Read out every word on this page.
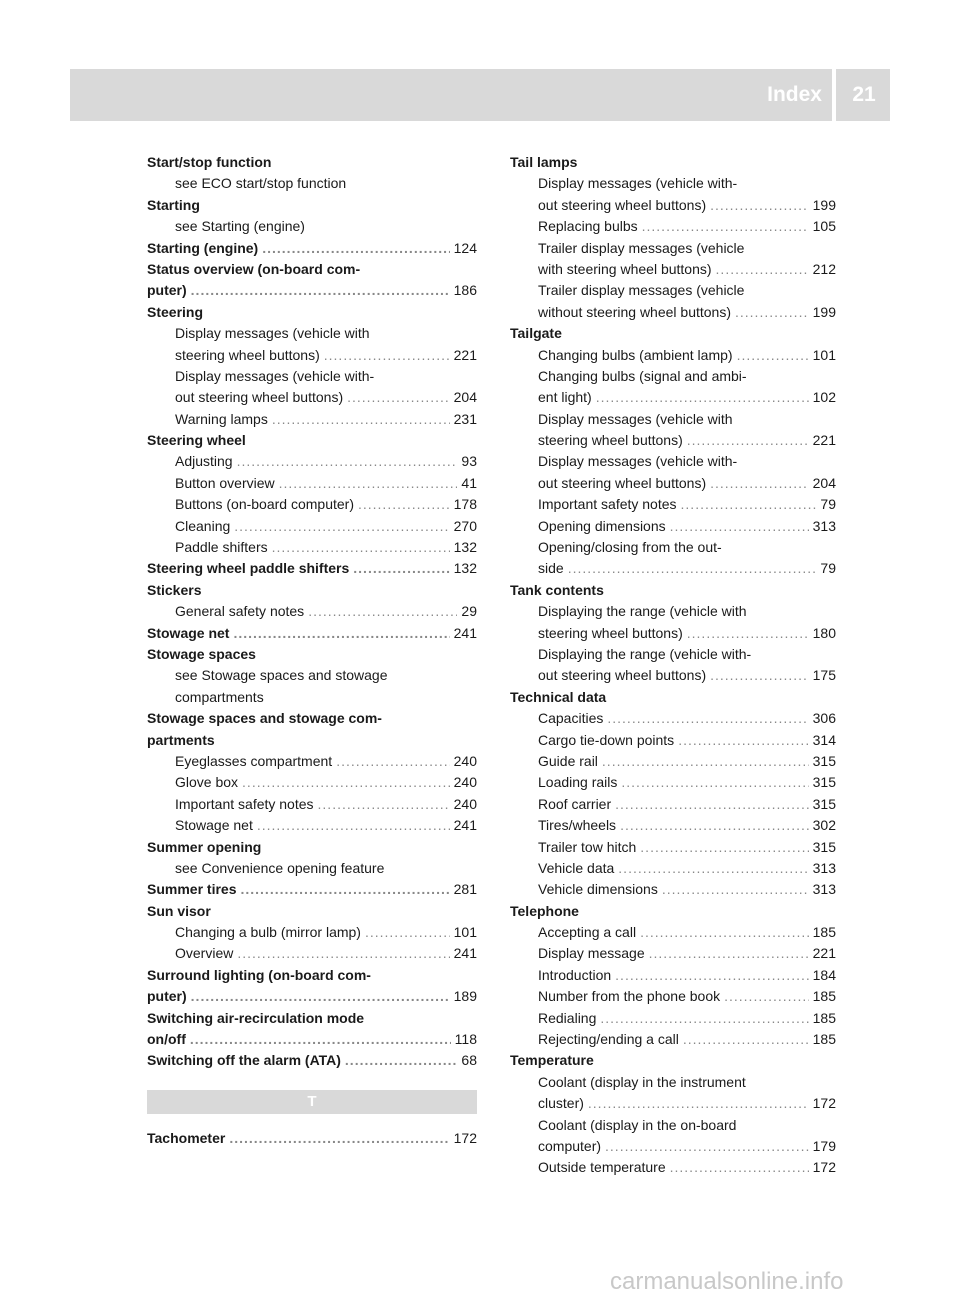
Index	21
Start/stop function
see ECO start/stop function
Starting
see Starting (engine)
Starting (engine) .....	124
Status overview (on-board com-
puter) .....	186
Steering
Display messages (vehicle with
steering wheel buttons) .....	221
Display messages (vehicle with-
out steering wheel buttons) .....	204
Warning lamps .....	231
Steering wheel
Adjusting .....	93
Button overview .....	41
Buttons (on-board computer) .....	178
Cleaning .....	270
Paddle shifters .....	132
Steering wheel paddle shifters .....	132
Stickers
General safety notes .....	29
Stowage net .....	241
Stowage spaces
see Stowage spaces and stowage
compartments
Stowage spaces and stowage com-
partments
Eyeglasses compartment .....	240
Glove box .....	240
Important safety notes .....	240
Stowage net .....	241
Summer opening
see Convenience opening feature
Summer tires .....	281
Sun visor
Changing a bulb (mirror lamp) .....	101
Overview .....	241
Surround lighting (on-board com-
puter) .....	189
Switching air-recirculation mode
on/off .....	118
Switching off the alarm (ATA) .....	68
T
Tachometer .....	172
Tail lamps
Display messages (vehicle with-
out steering wheel buttons) .....	199
Replacing bulbs .....	105
Trailer display messages (vehicle
with steering wheel buttons) .....	212
Trailer display messages (vehicle
without steering wheel buttons) .....	199
Tailgate
Changing bulbs (ambient lamp) .....	101
Changing bulbs (signal and ambi-
ent light) .....	102
Display messages (vehicle with
steering wheel buttons) .....	221
Display messages (vehicle with-
out steering wheel buttons) .....	204
Important safety notes .....	79
Opening dimensions .....	313
Opening/closing from the out-
side .....	79
Tank contents
Displaying the range (vehicle with
steering wheel buttons) .....	180
Displaying the range (vehicle with-
out steering wheel buttons) .....	175
Technical data
Capacities .....	306
Cargo tie-down points .....	314
Guide rail .....	315
Loading rails .....	315
Roof carrier .....	315
Tires/wheels .....	302
Trailer tow hitch .....	315
Vehicle data .....	313
Vehicle dimensions .....	313
Telephone
Accepting a call .....	185
Display message .....	221
Introduction .....	184
Number from the phone book .....	185
Redialing .....	185
Rejecting/ending a call .....	185
Temperature
Coolant (display in the instrument
cluster) .....	172
Coolant (display in the on-board
computer) .....	179
Outside temperature .....	172
carmanualsonline.info
